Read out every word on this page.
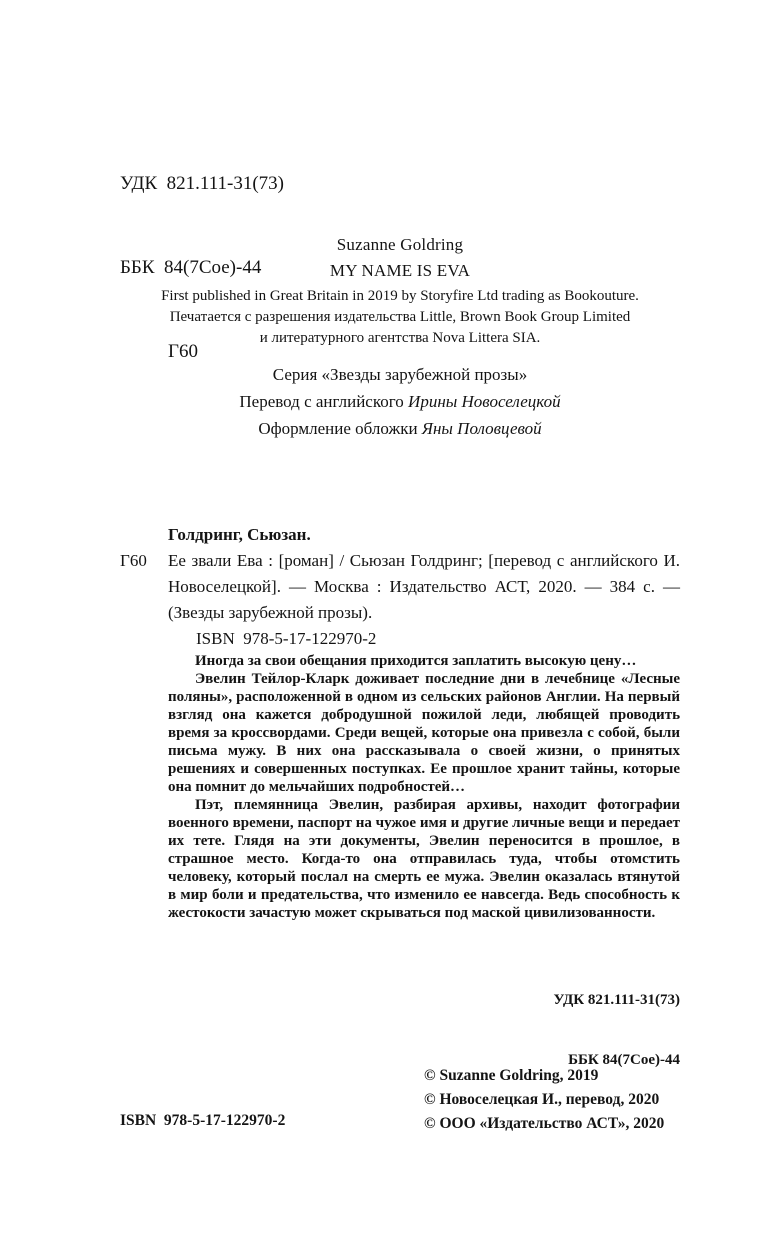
УДК  821.111-31(73)

ББК  84(7Сое)-44

Г60

Suzanne Goldring
MY NAME IS EVA
First published in Great Britain in 2019 by Storyfire Ltd trading as Bookouture.
Печатается с разрешения издательства Little, Brown Book Group Limited
и литературного агентства Nova Littera SIA.
Серия «Звезды зарубежной прозы»
Перевод с английского Ирины Новоселецкой
Оформление обложки Яны Половцевой
Г60
Голдринг, Сьюзан.
Ее звали Ева : [роман] / Сьюзан Голдринг; [перевод с английского И. Новоселецкой]. — Москва : Издательство АСТ, 2020. — 384 с. — (Звезды зарубежной прозы).
ISBN  978-5-17-122970-2

Иногда за свои обещания приходится заплатить высокую цену…

Эвелин Тейлор-Кларк доживает последние дни в лечебнице «Лесные поляны», расположенной в одном из сельских районов Англии. На первый взгляд она кажется добродушной пожилой леди, любящей проводить время за кроссвордами. Среди вещей, которые она привезла с собой, были письма мужу. В них она рассказывала о своей жизни, о принятых решениях и совершенных поступках. Ее прошлое хранит тайны, которые она помнит до мельчайших подробностей…

Пэт, племянница Эвелин, разбирая архивы, находит фотографии военного времени, паспорт на чужое имя и другие личные вещи и передает их тете. Глядя на эти документы, Эвелин переносится в прошлое, в страшное место. Когда-то она отправилась туда, чтобы отомстить человеку, который послал на смерть ее мужа. Эвелин оказалась втянутой в мир боли и предательства, что изменило ее навсегда. Ведь способность к жестокости зачастую может скрываться под маской цивилизованности.

УДК 821.111-31(73)

ББК 84(7Сое)-44

© Suzanne Goldring, 2019
© Новоселецкая И., перевод, 2020
© ООО «Издательство АСТ», 2020
ISBN  978-5-17-122970-2
